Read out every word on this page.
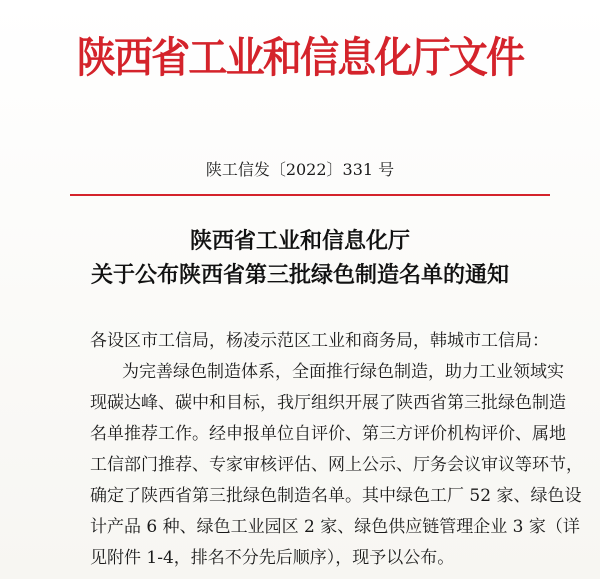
陕西省工业和信息化厅文件
陕工信发〔2022〕331 号
陕西省工业和信息化厅
关于公布陕西省第三批绿色制造名单的通知
各设区市工信局，杨凌示范区工业和商务局，韩城市工信局：
为完善绿色制造体系，全面推行绿色制造，助力工业领域实
现碳达峰、碳中和目标，我厅组织开展了陕西省第三批绿色制造
名单推荐工作。经申报单位自评价、第三方评价机构评价、属地
工信部门推荐、专家审核评估、网上公示、厅务会议审议等环节，
确定了陕西省第三批绿色制造名单。其中绿色工厂 52 家、绿色设
计产品 6 种、绿色工业园区 2 家、绿色供应链管理企业 3 家（详
见附件 1-4，排名不分先后顺序），现予以公布。
